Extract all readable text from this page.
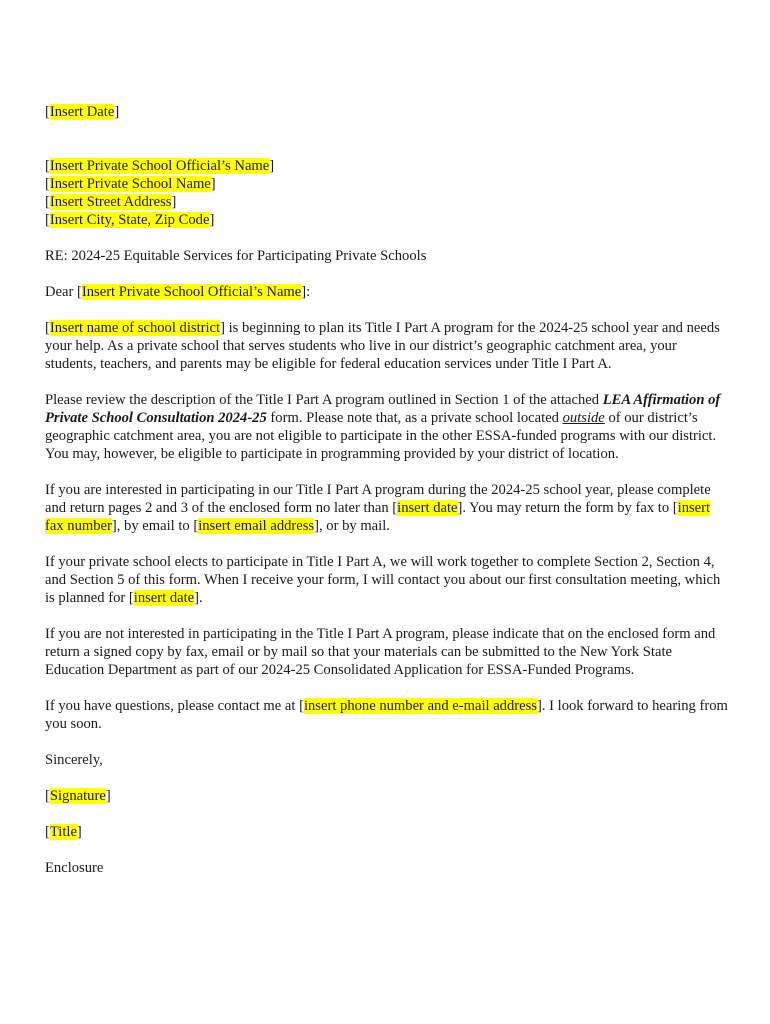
[Insert Date]

[Insert Private School Official’s Name]

[Insert Private School Name]

[Insert Street Address]

[Insert City, State, Zip Code]

RE: 2024-25 Equitable Services for Participating Private Schools

Dear [Insert Private School Official’s Name]:

[Insert name of school district] is beginning to plan its Title I Part A program for the 2024-25 school year and needs your help. As a private school that serves students who live in our district’s geographic catchment area, your students, teachers, and parents may be eligible for federal education services under Title I Part A.

Please review the description of the Title I Part A program outlined in Section 1 of the attached LEA Affirmation of Private School Consultation 2024-25 form. Please note that, as a private school located outside of our district’s geographic catchment area, you are not eligible to participate in the other ESSA-funded programs with our district. You may, however, be eligible to participate in programming provided by your district of location.

If you are interested in participating in our Title I Part A program during the 2024-25 school year, please complete and return pages 2 and 3 of the enclosed form no later than [insert date]. You may return the form by fax to [insert fax number], by email to [insert email address], or by mail.

If your private school elects to participate in Title I Part A, we will work together to complete Section 2, Section 4, and Section 5 of this form. When I receive your form, I will contact you about our first consultation meeting, which is planned for [insert date].

If you are not interested in participating in the Title I Part A program, please indicate that on the enclosed form and return a signed copy by fax, email or by mail so that your materials can be submitted to the New York State Education Department as part of our 2024-25 Consolidated Application for ESSA-Funded Programs.

If you have questions, please contact me at [insert phone number and e-mail address]. I look forward to hearing from you soon.

Sincerely,

[Signature]

[Title]

Enclosure
